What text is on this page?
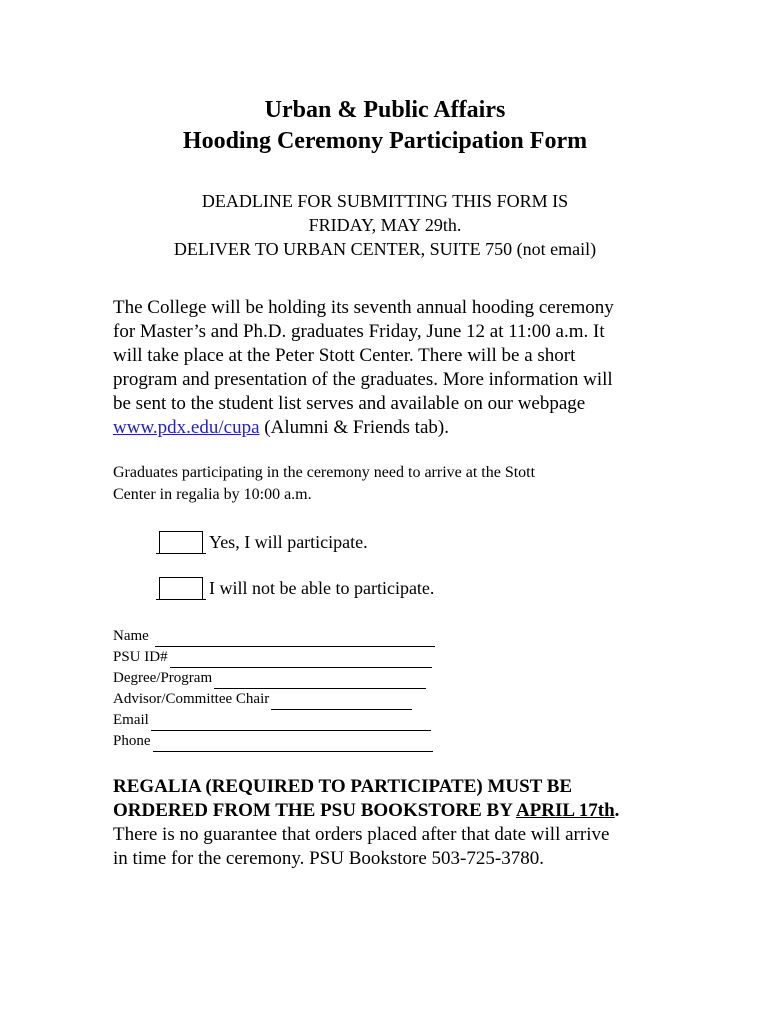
Urban & Public Affairs
Hooding Ceremony Participation Form
DEADLINE FOR SUBMITTING THIS FORM IS
FRIDAY, MAY 29th.
DELIVER TO URBAN CENTER, SUITE 750 (not email)
The College will be holding its seventh annual hooding ceremony
for Master’s and Ph.D. graduates Friday, June 12 at 11:00 a.m. It
will take place at the Peter Stott Center. There will be a short
program and presentation of the graduates. More information will
be sent to the student list serves and available on our webpage
www.pdx.edu/cupa (Alumni & Friends tab).
Graduates participating in the ceremony need to arrive at the Stott
Center in regalia by 10:00 a.m.
Yes, I will participate.
I will not be able to participate.
Name
PSU ID#
Degree/Program
Advisor/Committee Chair
Email
Phone
REGALIA (REQUIRED TO PARTICIPATE) MUST BE
ORDERED FROM THE PSU BOOKSTORE BY APRIL 17th.
There is no guarantee that orders placed after that date will arrive
in time for the ceremony. PSU Bookstore 503-725-3780.
